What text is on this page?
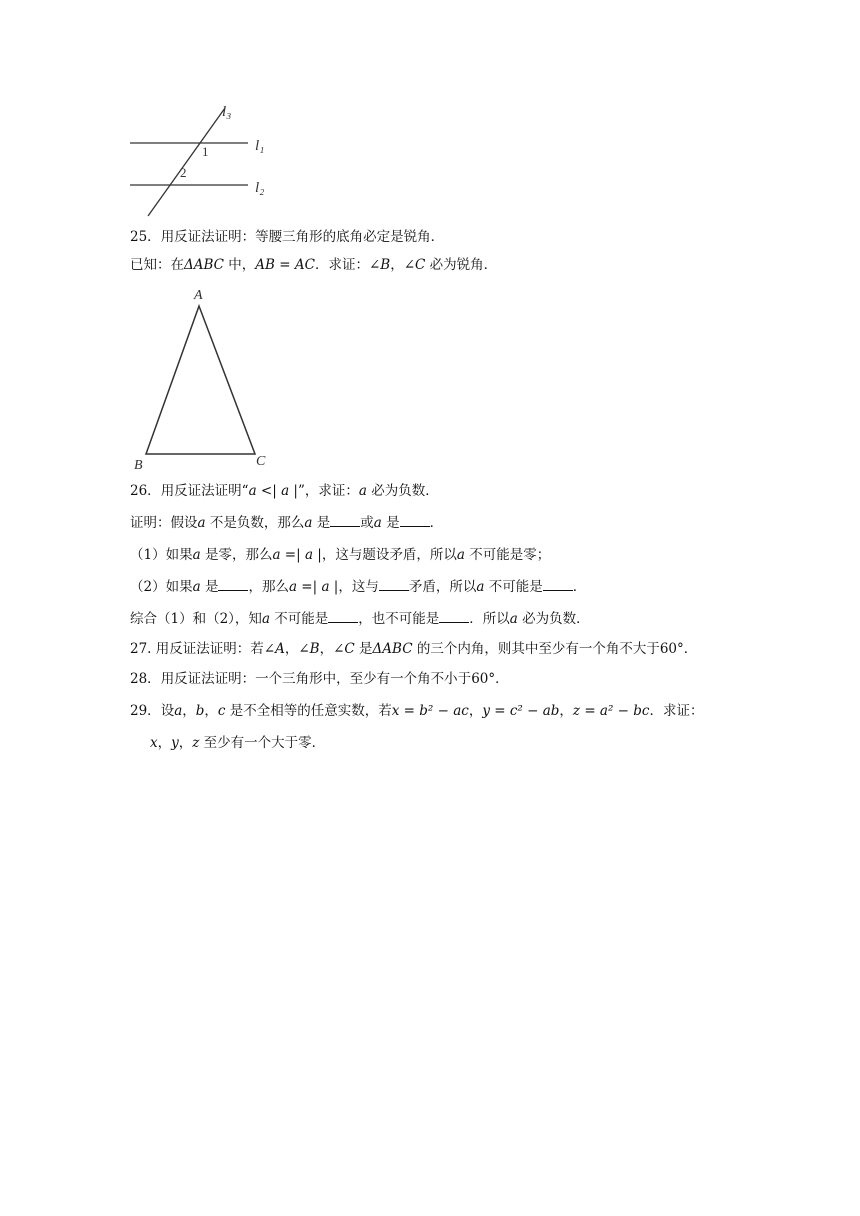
l₃
l₁
l₂
1
2
25．用反证法证明：等腰三角形的底角必定是锐角．
已知：在ΔABC 中，AB = AC．求证：∠B，∠C 必为锐角．
A
B	C
26．用反证法证明“a <| a |”，求证：a 必为负数．
证明：假设a 不是负数，那么a 是 或a 是 ．
（1）如果a 是零，那么a =| a |，这与题设矛盾，所以a 不可能是零；
（2）如果a 是 ，那么a =| a |，这与 矛盾，所以a 不可能是 ．
综合（1）和（2），知a 不可能是 ，也不可能是 ．所以a 必为负数．
27. 用反证法证明：若∠A，∠B，∠C 是ΔABC 的三个内角，则其中至少有一个角不大于60°．
28．用反证法证明：一个三角形中，至少有一个角不小于60°．
29．设a，b，c 是不全相等的任意实数，若x = b² − ac，y = c² − ab，z = a² − bc．求证：
x，y，z 至少有一个大于零．
